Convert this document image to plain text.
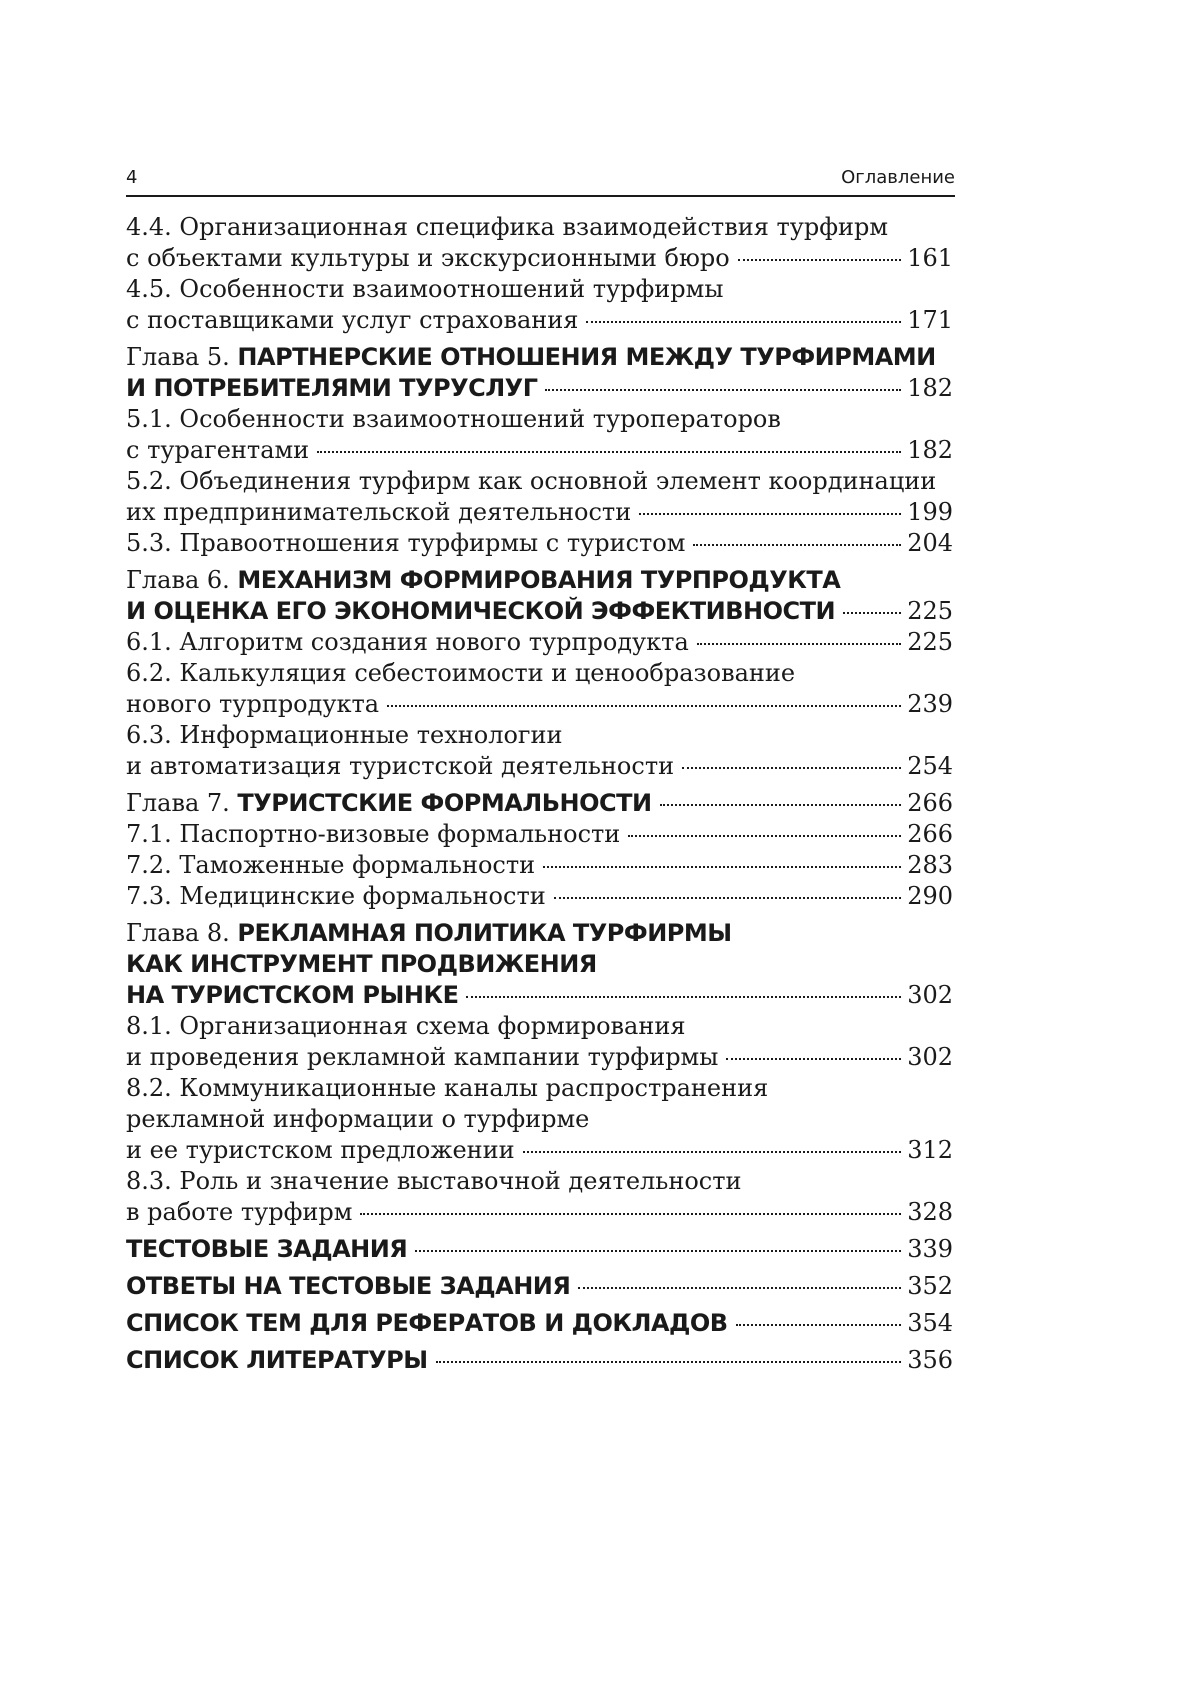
4	Оглавление
4.4. Организационная специфика взаимодействия турфирм
с объектами культуры и экскурсионными бюро	161
4.5. Особенности взаимоотношений турфирмы
с поставщиками услуг страхования	171
Глава 5. ПАРТНЕРСКИЕ ОТНОШЕНИЯ МЕЖДУ ТУРФИРМАМИ
И ПОТРЕБИТЕЛЯМИ ТУРУСЛУГ	182
5.1. Особенности взаимоотношений туроператоров
с турагентами	182
5.2. Объединения турфирм как основной элемент координации
их предпринимательской деятельности	199
5.3. Правоотношения турфирмы с туристом	204
Глава 6. МЕХАНИЗМ ФОРМИРОВАНИЯ ТУРПРОДУКТА
И ОЦЕНКА ЕГО ЭКОНОМИЧЕСКОЙ ЭФФЕКТИВНОСТИ	225
6.1. Алгоритм создания нового турпродукта	225
6.2. Калькуляция себестоимости и ценообразование
нового турпродукта	239
6.3. Информационные технологии
и автоматизация туристской деятельности	254
Глава 7. ТУРИСТСКИЕ ФОРМАЛЬНОСТИ	266
7.1. Паспортно-визовые формальности	266
7.2. Таможенные формальности	283
7.3. Медицинские формальности	290
Глава 8. РЕКЛАМНАЯ ПОЛИТИКА ТУРФИРМЫ
КАК ИНСТРУМЕНТ ПРОДВИЖЕНИЯ
НА ТУРИСТСКОМ РЫНКЕ	302
8.1. Организационная схема формирования
и проведения рекламной кампании турфирмы	302
8.2. Коммуникационные каналы распространения
рекламной информации о турфирме
и ее туристском предложении	312
8.3. Роль и значение выставочной деятельности
в работе турфирм	328
ТЕСТОВЫЕ ЗАДАНИЯ	339
ОТВЕТЫ НА ТЕСТОВЫЕ ЗАДАНИЯ	352
СПИСОК ТЕМ ДЛЯ РЕФЕРАТОВ И ДОКЛАДОВ	354
СПИСОК ЛИТЕРАТУРЫ	356
